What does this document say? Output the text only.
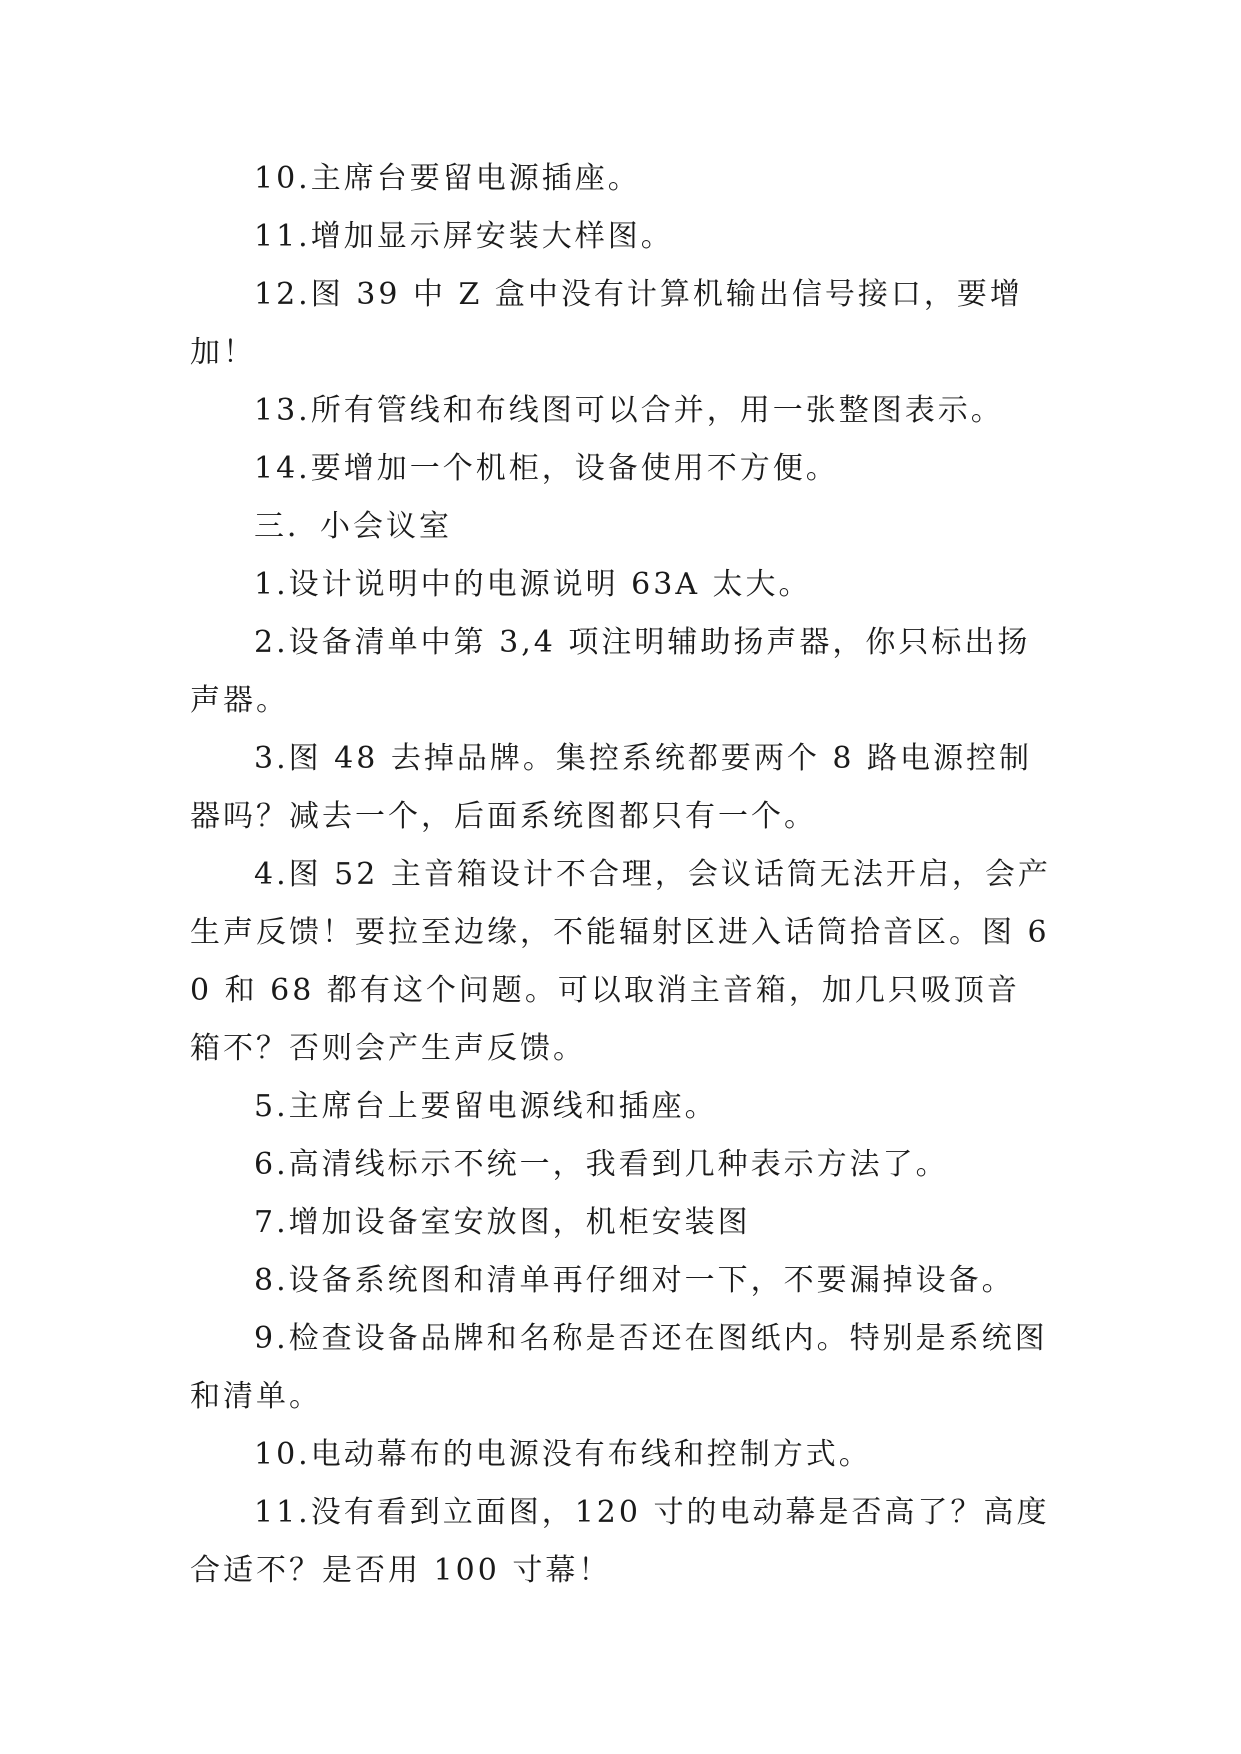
10.主席台要留电源插座。

11.增加显示屏安装大样图。

12.图 39 中 Z 盒中没有计算机输出信号接口，要增加！

13.所有管线和布线图可以合并，用一张整图表示。

14.要增加一个机柜，设备使用不方便。

三．小会议室

1.设计说明中的电源说明 63A 太大。

2.设备清单中第 3,4 项注明辅助扬声器，你只标出扬声器。

3.图 48 去掉品牌。集控系统都要两个 8 路电源控制器吗？减去一个，后面系统图都只有一个。

4.图 52 主音箱设计不合理，会议话筒无法开启，会产生声反馈！要拉至边缘，不能辐射区进入话筒拾音区。图 60 和 68 都有这个问题。可以取消主音箱，加几只吸顶音箱不？否则会产生声反馈。

5.主席台上要留电源线和插座。

6.高清线标示不统一，我看到几种表示方法了。

7.增加设备室安放图，机柜安装图

8.设备系统图和清单再仔细对一下，不要漏掉设备。

9.检查设备品牌和名称是否还在图纸内。特别是系统图和清单。

10.电动幕布的电源没有布线和控制方式。

11.没有看到立面图，120 寸的电动幕是否高了？高度合适不？是否用 100 寸幕！
